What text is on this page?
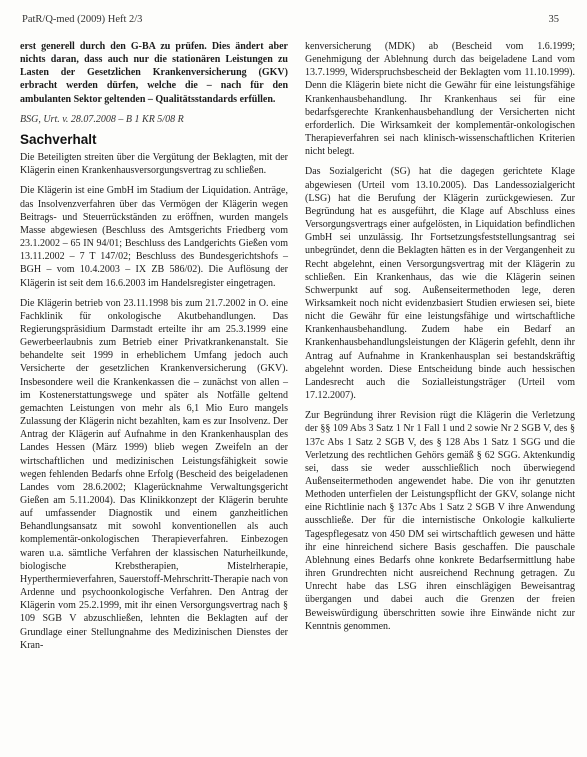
PatR/Q-med (2009) Heft 2/3	35

erst generell durch den G-BA zu prüfen. Dies ändert aber nichts daran, dass auch nur die stationären Leistungen zu Lasten der Gesetzlichen Krankenversicherung (GKV) erbracht werden dürfen, welche die – nach für den ambulanten Sektor geltenden – Qualitätsstandards erfüllen.

BSG, Urt. v. 28.07.2008 – B 1 KR 5/08 R

Sachverhalt

Die Beteiligten streiten über die Vergütung der Beklagten, mit der Klägerin einen Krankenhausversorgungsvertrag zu schließen.

Die Klägerin ist eine GmbH im Stadium der Liquidation. Anträge, das Insolvenzverfahren über das Vermögen der Klägerin wegen Beitrags- und Steuerrückständen zu eröffnen, wurden mangels Masse abgewiesen (Beschluss des Amtsgerichts Friedberg vom 23.1.2002 – 65 IN 94/01; Beschluss des Landgerichts Gießen vom 13.11.2002 – 7 T 147/02; Beschluss des Bundesgerichtshofs – BGH – vom 10.4.2003 – IX ZB 586/02). Die Auflösung der Klägerin ist seit dem 16.6.2003 im Handelsregister eingetragen.

Die Klägerin betrieb von 23.11.1998 bis zum 21.7.2002 in O. eine Fachklinik für onkologische Akutbehandlungen. Das Regierungspräsidium Darmstadt erteilte ihr am 25.3.1999 eine Gewerbeerlaubnis zum Betrieb einer Privatkrankenanstalt. Sie behandelte seit 1999 in erheblichem Umfang jedoch auch Versicherte der gesetzlichen Krankenversicherung (GKV). Insbesondere weil die Krankenkassen die – zunächst von allen – im Kostenerstattungswege und später als Notfälle geltend gemachten Leistungen von mehr als 6,1 Mio Euro mangels Zulassung der Klägerin nicht bezahlten, kam es zur Insolvenz. Der Antrag der Klägerin auf Aufnahme in den Krankenhausplan des Landes Hessen (März 1999) blieb wegen Zweifeln an der wirtschaftlichen und medizinischen Leistungsfähigkeit sowie wegen fehlenden Bedarfs ohne Erfolg (Bescheid des beigeladenen Landes vom 28.6.2002; Klagerücknahme Verwaltungsgericht Gießen am 5.11.2004). Das Klinikkonzept der Klägerin beruhte auf umfassender Diagnostik und einem ganzheitlichen Behandlungsansatz mit sowohl konventionellen als auch komplementär-onkologischen Therapieverfahren. Einbezogen waren u.a. sämtliche Verfahren der klassischen Naturheilkunde, biologische Krebstherapien, Mistelrherapie, Hyperthermieverfahren, Sauerstoff-Mehrschritt-Therapie nach von Ardenne und psychoonkologische Verfahren. Den Antrag der Klägerin vom 25.2.1999, mit ihr einen Versorgungsvertrag nach § 109 SGB V abzuschließen, lehnten die Beklagten auf der Grundlage einer Stellungnahme des Medizinischen Dienstes der Kran-

kenversicherung (MDK) ab (Bescheid vom 1.6.1999; Genehmigung der Ablehnung durch das beigeladene Land vom 13.7.1999, Widerspruchsbescheid der Beklagten vom 11.10.1999). Denn die Klägerin biete nicht die Gewähr für eine leistungsfähige Krankenhausbehandlung. Ihr Krankenhaus sei für eine bedarfsgerechte Krankenhausbehandlung der Versicherten nicht erforderlich. Die Wirksamkeit der komplementär-onkologischen Therapieverfahren sei nach klinisch-wissenschaftlichen Kriterien nicht belegt.

Das Sozialgericht (SG) hat die dagegen gerichtete Klage abgewiesen (Urteil vom 13.10.2005). Das Landessozialgericht (LSG) hat die Berufung der Klägerin zurückgewiesen. Zur Begründung hat es ausgeführt, die Klage auf Abschluss eines Versorgungsvertrags einer aufgelösten, in Liquidation befindlichen GmbH sei unzulässig. Ihr Fortsetzungsfeststellungsantrag sei unbegründet, denn die Beklagten hätten es in der Vergangenheit zu Recht abgelehnt, einen Versorgungsvertrag mit der Klägerin zu schließen. Ein Krankenhaus, das wie die Klägerin seinen Schwerpunkt auf sog. Außenseitermethoden lege, deren Wirksamkeit noch nicht evidenzbasiert Studien erwiesen sei, biete nicht die Gewähr für eine leistungsfähige und wirtschaftliche Krankenhausbehandlung. Zudem habe ein Bedarf an Krankenhausbehandlungsleistungen der Klägerin gefehlt, denn ihr Antrag auf Aufnahme in Krankenhausplan sei bestandskräftig abgelehnt worden. Diese Entscheidung binde auch hessischen Landesrecht auch die Sozialleistungsträger (Urteil vom 17.12.2007).

Zur Begründung ihrer Revision rügt die Klägerin die Verletzung der §§ 109 Abs 3 Satz 1 Nr 1 Fall 1 und 2 sowie Nr 2 SGB V, des § 137c Abs 1 Satz 2 SGB V, des § 128 Abs 1 Satz 1 SGG und die Verletzung des rechtlichen Gehörs gemäß § 62 SGG. Aktenkundig sei, dass sie weder ausschließlich noch überwiegend Außenseitermethoden angewendet habe. Die von ihr genutzten Methoden unterfielen der Leistungspflicht der GKV, solange nicht eine Richtlinie nach § 137c Abs 1 Satz 2 SGB V ihre Anwendung ausschließe. Der für die internistische Onkologie kalkulierte Tagespflegesatz von 450 DM sei wirtschaftlich gewesen und hätte ihr eine hinreichend sichere Basis geschaffen. Die pauschale Ablehnung eines Bedarfs ohne konkrete Bedarfsermittlung habe ihren Grundrechten nicht ausreichend Rechnung getragen. Zu Unrecht habe das LSG ihren einschlägigen Beweisantrag übergangen und dabei auch die Grenzen der freien Beweiswürdigung überschritten sowie ihre Einwände nicht zur Kenntnis genommen.
